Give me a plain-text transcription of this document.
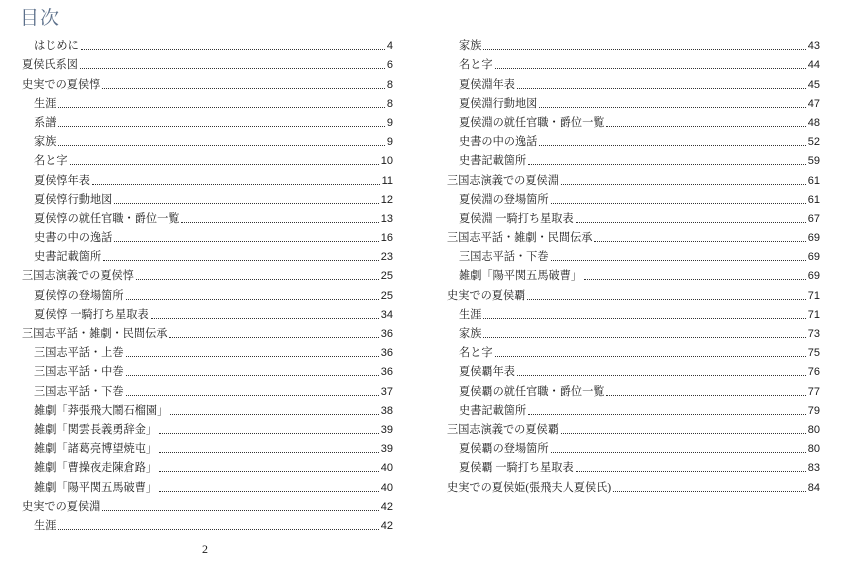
目次
はじめに	4
夏侯氏系図	6
史実での夏侯惇	8
生涯	8
系譜	9
家族	9
名と字	10
夏侯惇年表	11
夏侯惇行動地図	12
夏侯惇の就任官職・爵位一覧	13
史書の中の逸話	16
史書記載箇所	23
三国志演義での夏侯惇	25
夏侯惇の登場箇所	25
夏侯惇 一騎打ち星取表	34
三国志平話・雑劇・民間伝承	36
三国志平話・上巻	36
三国志平話・中巻	36
三国志平話・下巻	37
雑劇「莽張飛大鬧石榴園」	38
雑劇「関雲長義勇辞金」	39
雑劇「諸葛亮博望焼屯」	39
雑劇「曹操夜走陳倉路」	40
雑劇「陽平関五馬破曹」	40
史実での夏侯淵	42
生涯	42
家族	43
名と字	44
夏侯淵年表	45
夏侯淵行動地図	47
夏侯淵の就任官職・爵位一覧	48
史書の中の逸話	52
史書記載箇所	59
三国志演義での夏侯淵	61
夏侯淵の登場箇所	61
夏侯淵 一騎打ち星取表	67
三国志平話・雑劇・民間伝承	69
三国志平話・下巻	69
雑劇「陽平関五馬破曹」	69
史実での夏侯覇	71
生涯	71
家族	73
名と字	75
夏侯覇年表	76
夏侯覇の就任官職・爵位一覧	77
史書記載箇所	79
三国志演義での夏侯覇	80
夏侯覇の登場箇所	80
夏侯覇 一騎打ち星取表	83
史実での夏侯姫(張飛夫人夏侯氏)	84
2
